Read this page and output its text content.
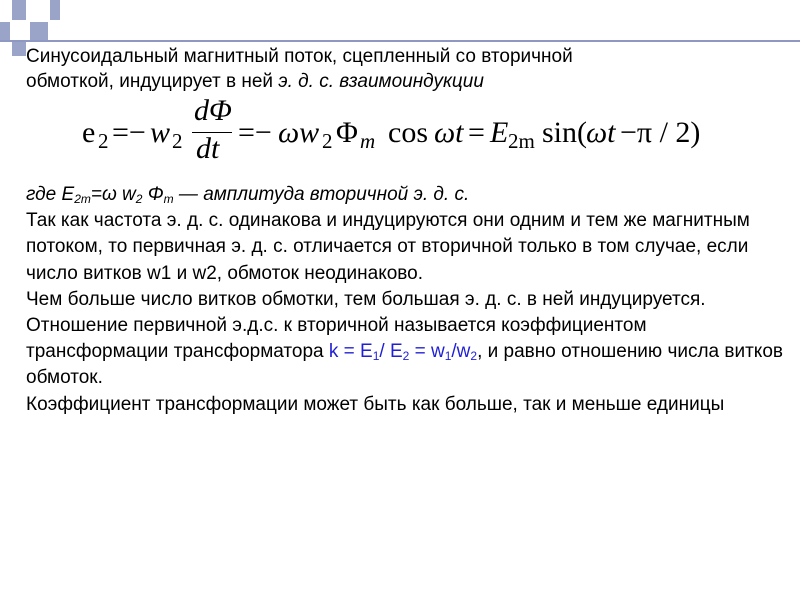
Синусоидальный магнитный поток, сцепленный со вторичной
обмоткой, индуцирует в ней э. д. с. взаимоиндукции
e 2 =− w 2
dΦ
dt =− ωw 2 Φ m cos ωt = E 2m sin( ωt −π / 2)

где $E_{2m}=\omega$ $w_2$ $\Phi_m$ — амплитуда вторичной э. д. с.

Так как частота э. д. с. одинакова и индуцируются они одним и тем же магнитным потоком, то первичная э. д. с. отличается от вторичной только в том случае, если число витков w1 и w2, обмоток неодинаково.

Чем больше число витков обмотки, тем большая э. д. с. в ней индуцируется.

Отношение первичной э.д.с. к вторичной называется коэффициентом трансформации трансформатора $k = E_1/$ $E_2 = w_1/w_2$, и равно отношению числа витков обмоток.

Коэффициент трансформации может быть как больше, так и меньше единицы
